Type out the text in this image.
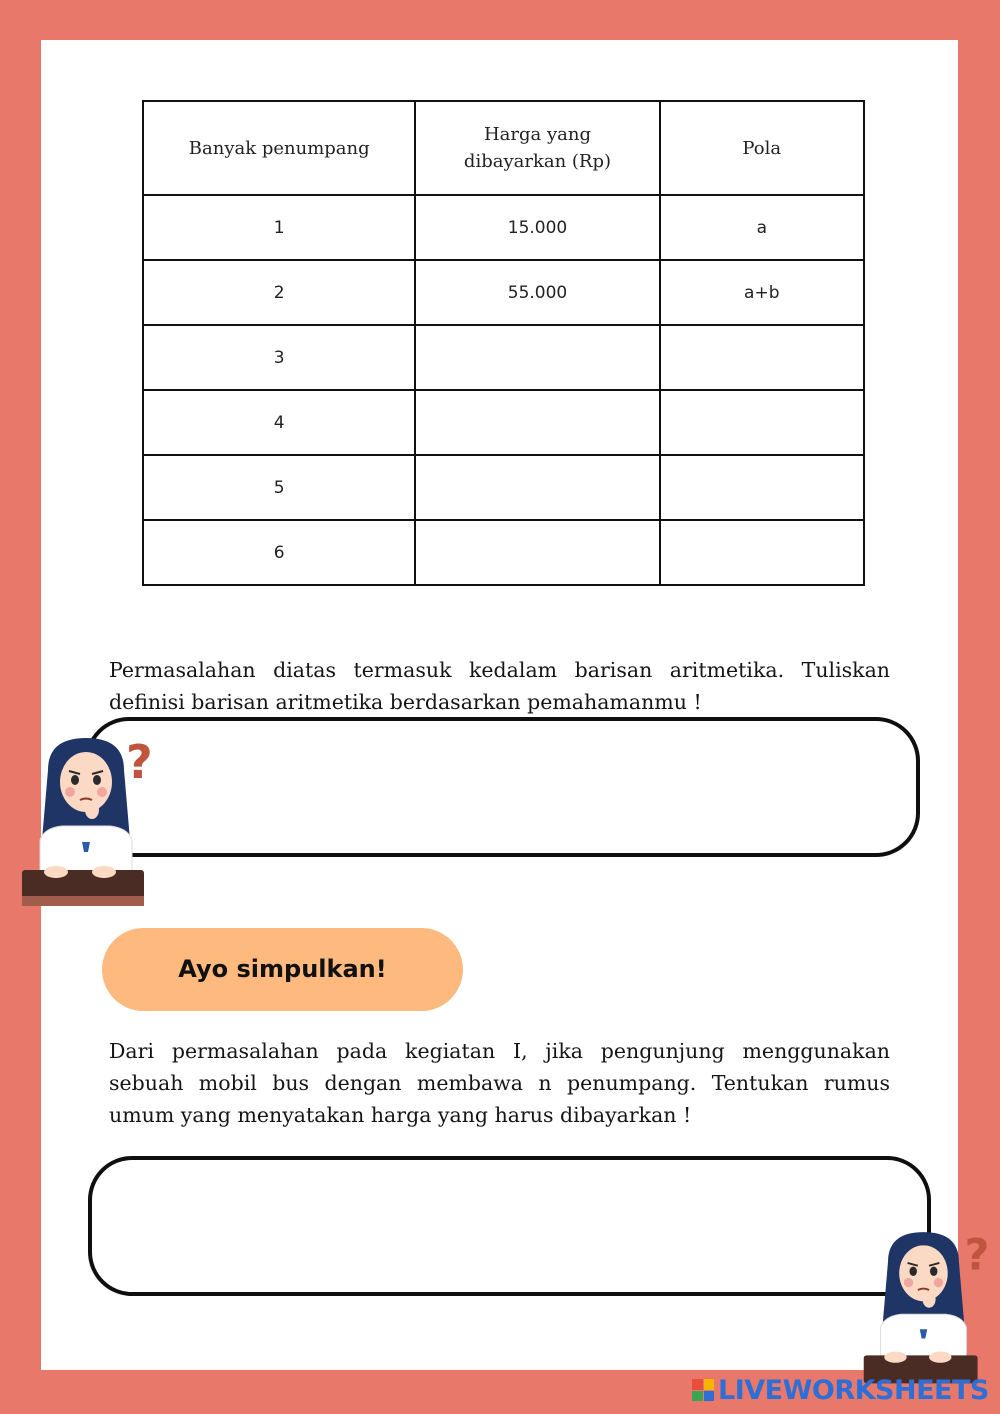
Banyak penumpang	Harga yang dibayarkan (Rp)	Pola
1	15.000	a
2	55.000	a+b
3		
4		
5		
6		

Permasalahan diatas termasuk kedalam barisan aritmetika. Tuliskan definisi barisan aritmetika berdasarkan pemahamanmu !

?
Ayo simpulkan!

Dari permasalahan pada kegiatan I, jika pengunjung menggunakan sebuah mobil bus dengan membawa n penumpang. Tentukan rumus umum yang menyatakan harga yang harus dibayarkan !

?
LIVEWORKSHEETS
